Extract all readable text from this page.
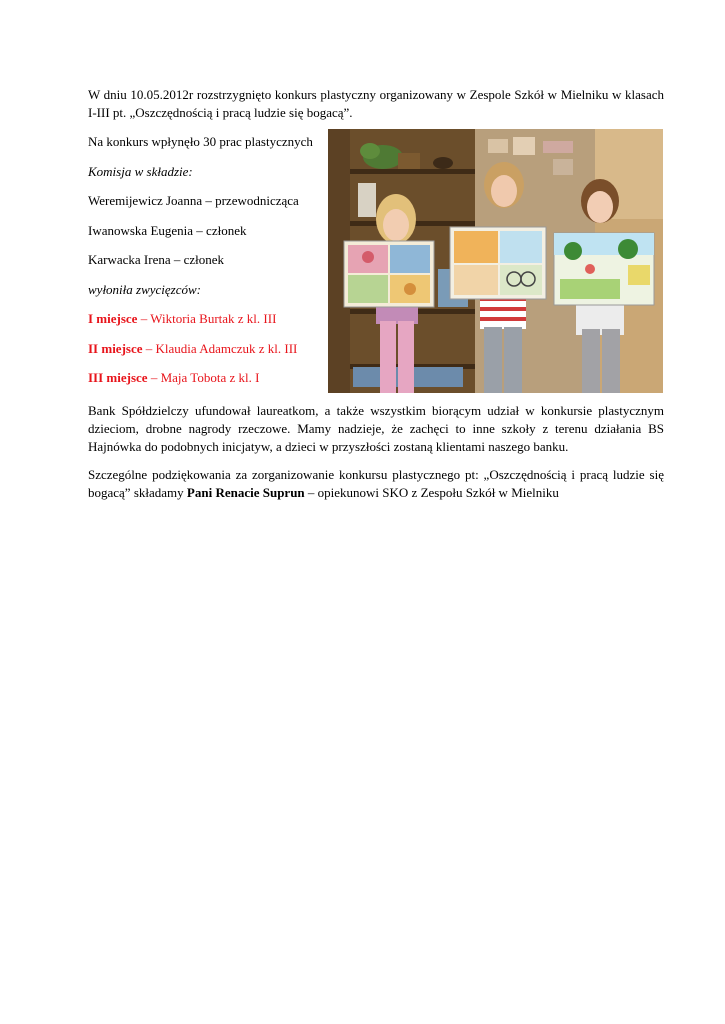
W dniu 10.05.2012r rozstrzygnięto konkurs plastyczny organizowany w Zespole Szkół w Mielniku w klasach I-III pt. „Oszczędnością i pracą ludzie się bogacą”.

Na konkurs wpłynęło 30 prac plastycznych

Komisja w składzie:

Weremijewicz Joanna – przewodnicząca

Iwanowska Eugenia – członek

Karwacka Irena – członek

wyłoniła zwycięzców:

I miejsce – Wiktoria Burtak z kl. III

II miejsce – Klaudia Adamczuk z kl. III

III miejsce – Maja Tobota z kl. I

Bank Spółdzielczy ufundował laureatkom, a także wszystkim biorącym udział w konkursie plastycznym dzieciom, drobne nagrody rzeczowe. Mamy nadzieje, że zachęci to inne szkoły z terenu działania BS Hajnówka do podobnych inicjatyw, a dzieci w przyszłości zostaną klientami naszego banku.

Szczególne podziękowania za zorganizowanie konkursu plastycznego pt: „Oszczędnością i pracą ludzie się bogacą” składamy Pani Renacie Suprun – opiekunowi SKO z Zespołu Szkół w Mielniku
